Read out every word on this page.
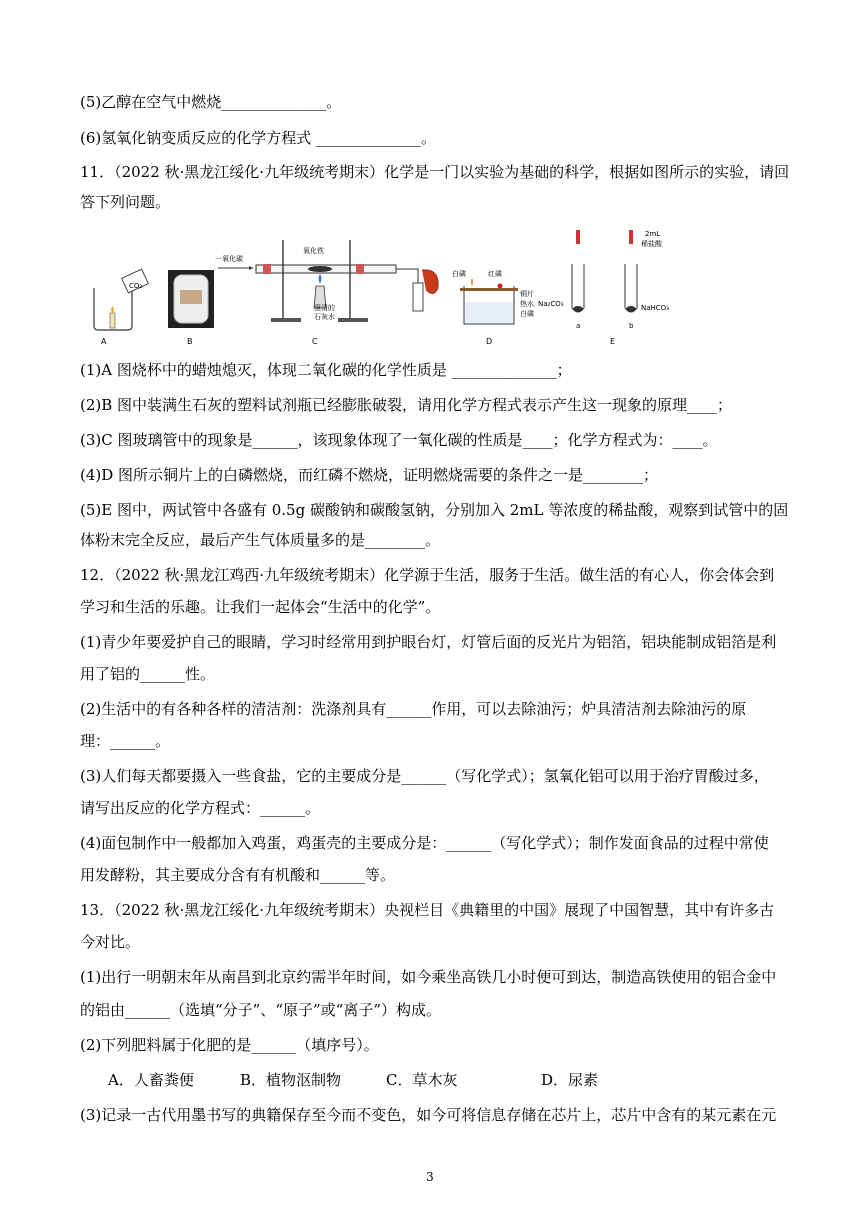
(5)乙醇在空气中燃烧______________。
(6)氢氧化钠变质反应的化学方程式 ______________。
11．（2022 秋·黑龙江绥化·九年级统考期末）化学是一门以实验为基础的科学，根据如图所示的实验，请回
答下列问题。
CO₂
A	B
一氧化碳
氧化铁
澄清的
石灰水
C
白磷	红磷
铜片
热水
白磷
D
2mL
稀盐酸
Na₂CO₃	NaHCO₃
a	b
E
(1)A 图烧杯中的蜡烛熄灭，体现二氧化碳的化学性质是 ______________；
(2)B 图中装满生石灰的塑料试剂瓶已经膨胀破裂，请用化学方程式表示产生这一现象的原理____；
(3)C 图玻璃管中的现象是______，该现象体现了一氧化碳的性质是____；化学方程式为：____。
(4)D 图所示铜片上的白磷燃烧，而红磷不燃烧，证明燃烧需要的条件之一是________；
(5)E 图中，两试管中各盛有 0.5g 碳酸钠和碳酸氢钠，分别加入 2mL 等浓度的稀盐酸，观察到试管中的固
体粉末完全反应，最后产生气体质量多的是________。
12．（2022 秋·黑龙江鸡西·九年级统考期末）化学源于生活，服务于生活。做生活的有心人，你会体会到
学习和生活的乐趣。让我们一起体会“生活中的化学”。
(1)青少年要爱护自己的眼睛，学习时经常用到护眼台灯，灯管后面的反光片为铝箔，铝块能制成铝箔是利
用了铝的______性。
(2)生活中的有各种各样的清洁剂：洗涤剂具有______作用，可以去除油污；炉具清洁剂去除油污的原
理：______。
(3)人们每天都要摄入一些食盐，它的主要成分是______（写化学式）；氢氧化铝可以用于治疗胃酸过多，
请写出反应的化学方程式：______。
(4)面包制作中一般都加入鸡蛋，鸡蛋壳的主要成分是：______（写化学式）；制作发面食品的过程中常使
用发酵粉，其主要成分含有有机酸和______等。
13．（2022 秋·黑龙江绥化·九年级统考期末）央视栏目《典籍里的中国》展现了中国智慧，其中有许多古
今对比。
(1)出行一明朝末年从南昌到北京约需半年时间，如今乘坐高铁几小时便可到达，制造高铁使用的铝合金中
的铝由______（选填“分子”、“原子”或“离子”）构成。
(2)下列肥料属于化肥的是______（填序号）。
A．人畜粪便	B．植物沤制物	C．草木灰	D．尿素
(3)记录一古代用墨书写的典籍保存至今而不变色，如今可将信息存储在芯片上，芯片中含有的某元素在元
3
